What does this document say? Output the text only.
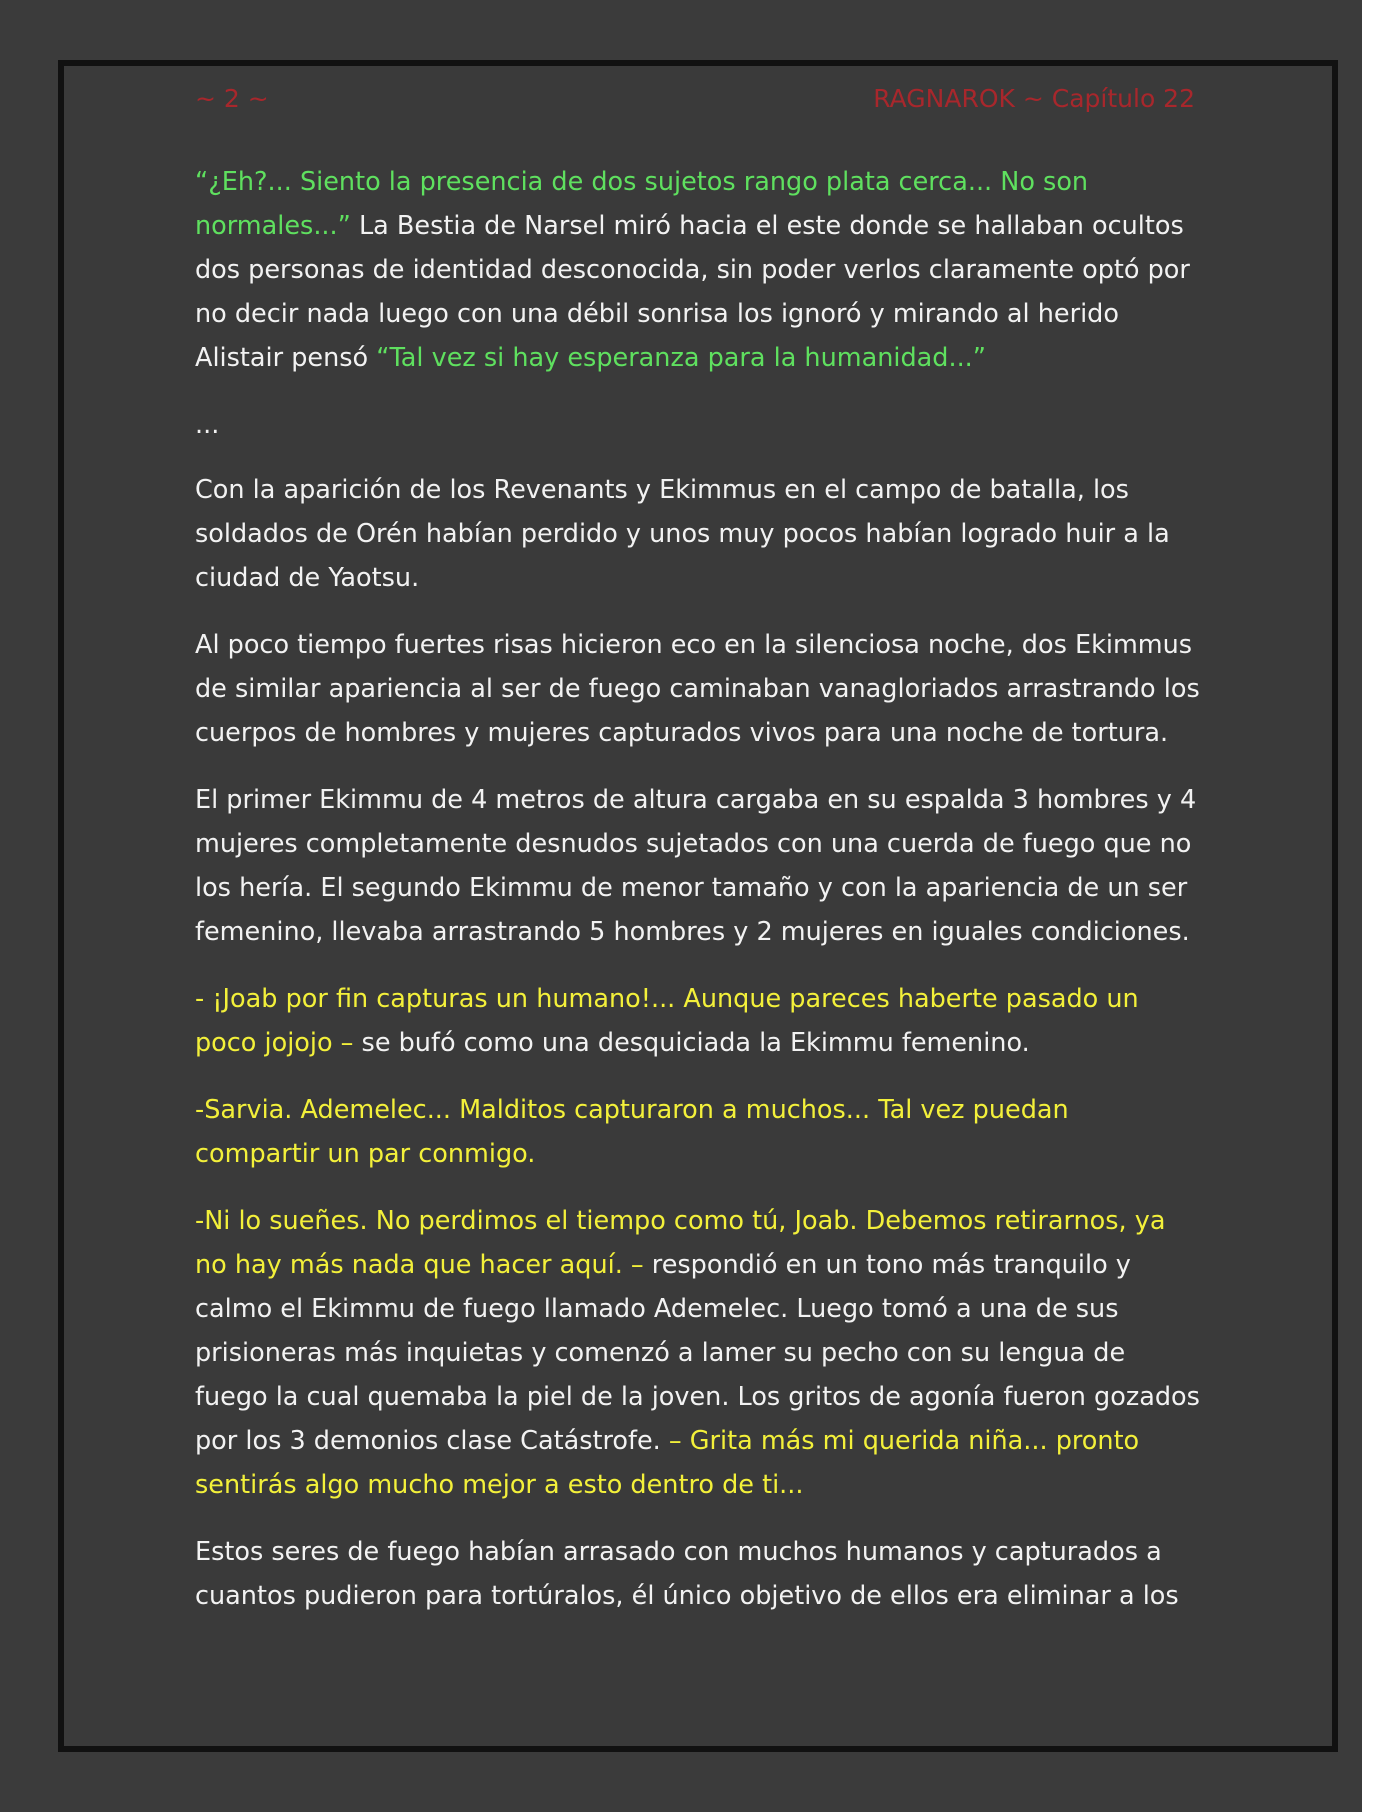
~ 2 ~	RAGNAROK ~ Capítulo 22

“¿Eh?... Siento la presencia de dos sujetos rango plata cerca... No son normales...” La Bestia de Narsel miró hacia el este donde se hallaban ocultos dos personas de identidad desconocida, sin poder verlos claramente optó por no decir nada luego con una débil sonrisa los ignoró y mirando al herido Alistair pensó “Tal vez si hay esperanza para la humanidad...”

...

Con la aparición de los Revenants y Ekimmus en el campo de batalla, los soldados de Orén habían perdido y unos muy pocos habían logrado huir a la ciudad de Yaotsu.

Al poco tiempo fuertes risas hicieron eco en la silenciosa noche, dos Ekimmus de similar apariencia al ser de fuego caminaban vanagloriados arrastrando los cuerpos de hombres y mujeres capturados vivos para una noche de tortura.

El primer Ekimmu de 4 metros de altura cargaba en su espalda 3 hombres y 4 mujeres completamente desnudos sujetados con una cuerda de fuego que no los hería. El segundo Ekimmu de menor tamaño y con la apariencia de un ser femenino, llevaba arrastrando 5 hombres y 2 mujeres en iguales condiciones.

- ¡Joab por fin capturas un humano!... Aunque pareces haberte pasado un poco jojojo – se bufó como una desquiciada la Ekimmu femenino.

-Sarvia. Ademelec... Malditos capturaron a muchos... Tal vez puedan compartir un par conmigo.

-Ni lo sueñes. No perdimos el tiempo como tú, Joab. Debemos retirarnos, ya no hay más nada que hacer aquí. – respondió en un tono más tranquilo y calmo el Ekimmu de fuego llamado Ademelec. Luego tomó a una de sus prisioneras más inquietas y comenzó a lamer su pecho con su lengua de fuego la cual quemaba la piel de la joven. Los gritos de agonía fueron gozados por los 3 demonios clase Catástrofe. – Grita más mi querida niña... pronto sentirás algo mucho mejor a esto dentro de ti...

Estos seres de fuego habían arrasado con muchos humanos y capturados a cuantos pudieron para tortúralos, él único objetivo de ellos era eliminar a los
